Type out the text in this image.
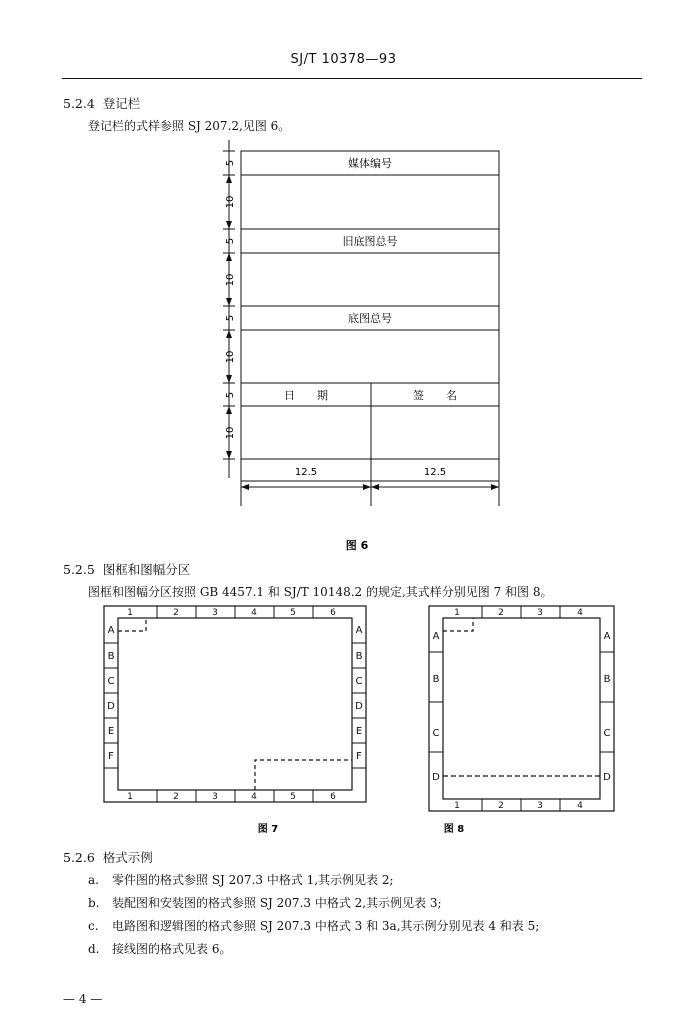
SJ/T 10378—93
5.2.4 登记栏
登记栏的式样参照 SJ 207.2,见图 6。
媒体编号
旧底图总号
底图总号
日　　期	签　　名
5
10
5
10
5
10
5
10
12.5	12.5
图 6
5.2.5 图框和图幅分区
图框和图幅分区按照 GB 4457.1 和 SJ/T 10148.2 的规定,其式样分别见图 7 和图 8。
1	2	3	4	5	6
1	2	3	4	5	6
A
B
C
D
E
F
A
B
C
D
E
F
图 7
1	2	3	4
1	2	3	4
A
B
C
D
A
B
C
D
图 8
5.2.6 格式示例
a. 零件图的格式参照 SJ 207.3 中格式 1,其示例见表 2;
b. 装配图和安装图的格式参照 SJ 207.3 中格式 2,其示例见表 3;
c. 电路图和逻辑图的格式参照 SJ 207.3 中格式 3 和 3a,其示例分别见表 4 和表 5;
d. 接线图的格式见表 6。
— 4 —
